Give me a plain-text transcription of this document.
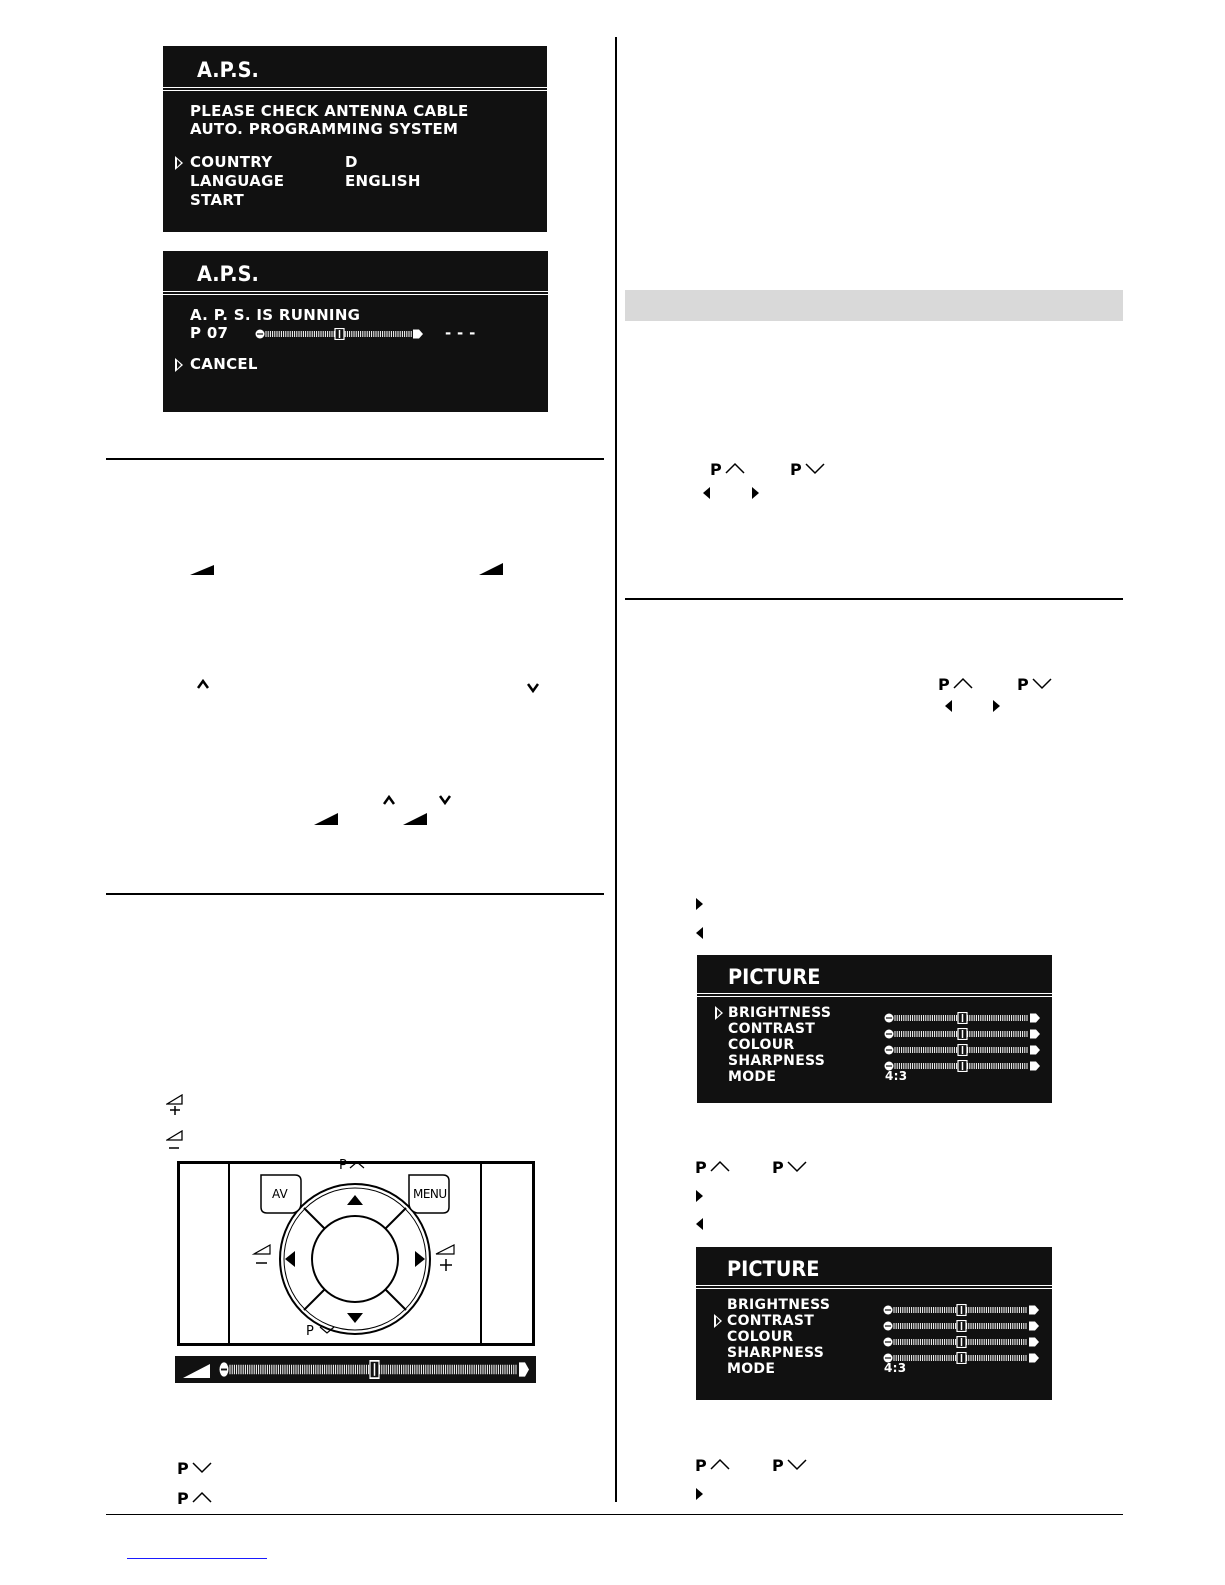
A.P.S.
PLEASE CHECK ANTENNA CABLE
AUTO. PROGRAMMING SYSTEM
COUNTRY	D
LANGUAGE	ENGLISH
START
A.P.S.
A. P. S. IS RUNNING
P 07	- - -
CANCEL
AV	MENU
P
P
P
P
P	P
P	P
PICTURE
BRIGHTNESS
CONTRAST
COLOUR
SHARPNESS
MODE	4:3
P	P
PICTURE
BRIGHTNESS
CONTRAST
COLOUR
SHARPNESS
MODE	4:3
P	P
